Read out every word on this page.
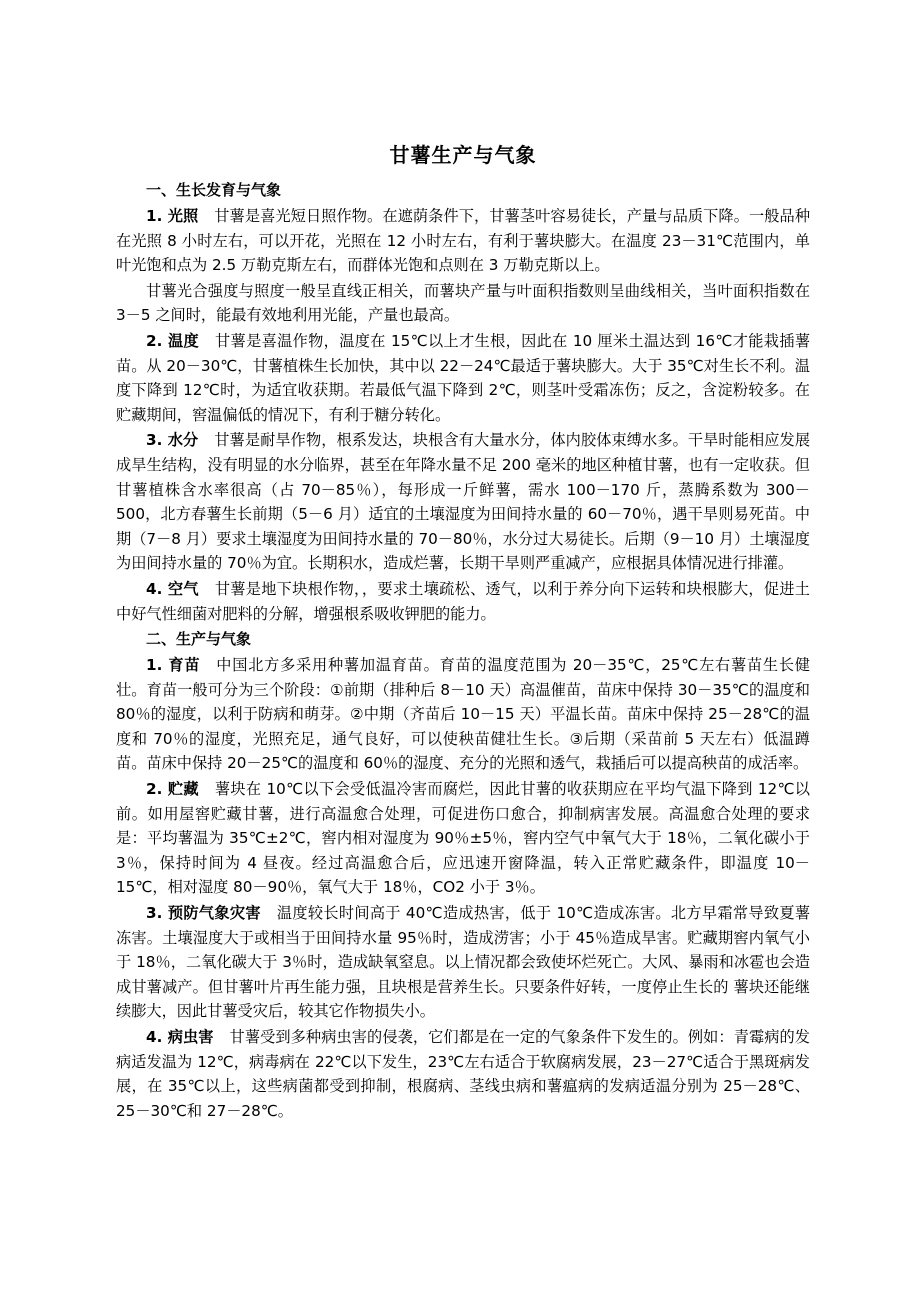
甘薯生产与气象
一、生长发育与气象

1. 光照 甘薯是喜光短日照作物。在遮荫条件下，甘薯茎叶容易徒长，产量与品质下降。一般品种在光照 8 小时左右，可以开花，光照在 12 小时左右，有利于薯块膨大。在温度 23－31℃范围内，单叶光饱和点为 2.5 万勒克斯左右，而群体光饱和点则在 3 万勒克斯以上。

甘薯光合强度与照度一般呈直线正相关，而薯块产量与叶面积指数则呈曲线相关，当叶面积指数在 3－5 之间时，能最有效地利用光能，产量也最高。

2. 温度 甘薯是喜温作物，温度在 15℃以上才生根，因此在 10 厘米土温达到 16℃才能栽插薯苗。从 20－30℃，甘薯植株生长加快，其中以 22－24℃最适于薯块膨大。大于 35℃对生长不利。温度下降到 12℃时，为适宜收获期。若最低气温下降到 2℃，则茎叶受霜冻伤；反之，含淀粉较多。在贮藏期间，窖温偏低的情况下，有利于糖分转化。

3. 水分 甘薯是耐旱作物，根系发达，块根含有大量水分，体内胶体束缚水多。干旱时能相应发展成旱生结构，没有明显的水分临界，甚至在年降水量不足 200 毫米的地区种植甘薯，也有一定收获。但甘薯植株含水率很高（占 70－85％），每形成一斤鲜薯，需水 100－170 斤，蒸腾系数为 300－500，北方春薯生长前期（5－6 月）适宜的土壤湿度为田间持水量的 60－70％，遇干旱则易死苗。中期（7－8 月）要求土壤湿度为田间持水量的 70－80％，水分过大易徒长。后期（9－10 月）土壤湿度为田间持水量的 70％为宜。长期积水，造成烂薯，长期干旱则严重减产，应根据具体情况进行排灌。

4. 空气 甘薯是地下块根作物，，要求土壤疏松、透气，以利于养分向下运转和块根膨大，促进土中好气性细菌对肥料的分解，增强根系吸收钾肥的能力。

二、生产与气象

1. 育苗 中国北方多采用种薯加温育苗。育苗的温度范围为 20－35℃，25℃左右薯苗生长健壮。育苗一般可分为三个阶段：①前期（排种后 8－10 天）高温催苗，苗床中保持 30－35℃的温度和 80％的湿度，以利于防病和萌芽。②中期（齐苗后 10－15 天）平温长苗。苗床中保持 25－28℃的温度和 70％的湿度，光照充足，通气良好，可以使秧苗健壮生长。③后期（采苗前 5 天左右）低温蹲苗。苗床中保持 20－25℃的温度和 60％的湿度、充分的光照和透气，栽插后可以提高秧苗的成活率。

2. 贮藏 薯块在 10℃以下会受低温冷害而腐烂，因此甘薯的收获期应在平均气温下降到 12℃以前。如用屋窖贮藏甘薯，进行高温愈合处理，可促进伤口愈合，抑制病害发展。高温愈合处理的要求是：平均薯温为 35℃±2℃，窖内相对湿度为 90％±5％，窖内空气中氧气大于 18％，二氧化碳小于 3％，保持时间为 4 昼夜。经过高温愈合后，应迅速开窗降温，转入正常贮藏条件，即温度 10－15℃，相对湿度 80－90％，氧气大于 18％，CO2 小于 3％。

3. 预防气象灾害 温度较长时间高于 40℃造成热害，低于 10℃造成冻害。北方早霜常导致夏薯冻害。土壤湿度大于或相当于田间持水量 95％时，造成涝害；小于 45％造成旱害。贮藏期窖内氧气小于 18％，二氧化碳大于 3％时，造成缺氧窒息。以上情况都会致使坏烂死亡。大风、暴雨和冰雹也会造成甘薯减产。但甘薯叶片再生能力强，且块根是营养生长。只要条件好转，一度停止生长的 薯块还能继续膨大，因此甘薯受灾后，较其它作物损失小。

4. 病虫害 甘薯受到多种病虫害的侵袭，它们都是在一定的气象条件下发生的。例如：青霉病的发病适发温为 12℃，病毒病在 22℃以下发生，23℃左右适合于软腐病发展，23－27℃适合于黑斑病发展，在 35℃以上，这些病菌都受到抑制，根腐病、茎线虫病和薯瘟病的发病适温分别为 25－28℃、25－30℃和 27－28℃。
